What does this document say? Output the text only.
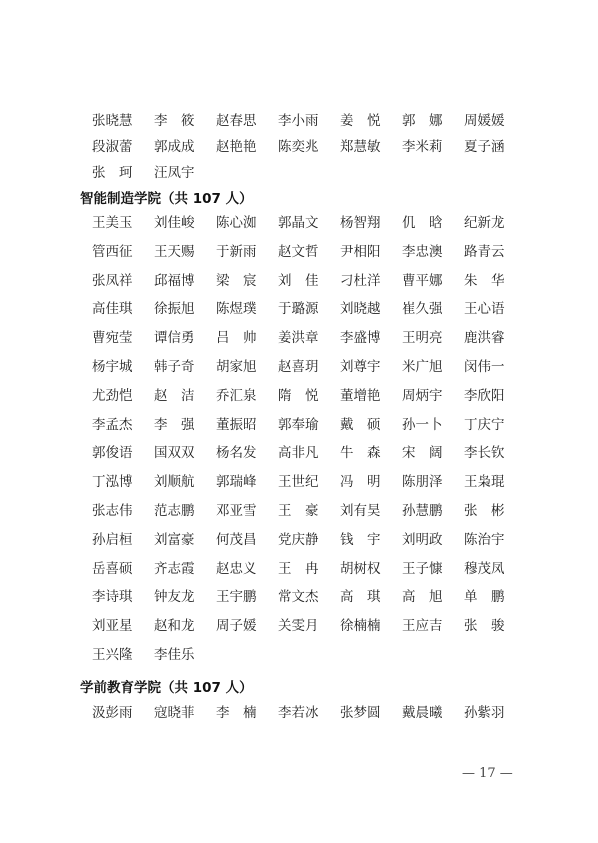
张晓慧	李　筱	赵春思	李小雨	姜　悦	郭　娜	周媛媛
段淑蕾	郭成成	赵艳艳	陈奕兆	郑慧敏	李米莉	夏子涵
张　珂	汪凤宇
智能制造学院（共 107 人）
王美玉	刘佳峻	陈心洳	郭晶文	杨智翔	仉　晗	纪新龙
管西征	王天赐	于新雨	赵文哲	尹相阳	李忠澳	路青云
张凤祥	邱福博	梁　宸	刘　佳	刁杜洋	曹平娜	朱　华
高佳琪	徐振旭	陈煜璞	于璐源	刘晓越	崔久强	王心语
曹宛莹	谭信勇	吕　帅	姜洪章	李盛博	王明亮	鹿洪睿
杨宇城	韩子奇	胡家旭	赵喜玥	刘尊宇	米广旭	闵伟一
尤劲恺	赵　洁	乔汇泉	隋　悦	董增艳	周炳宇	李欣阳
李孟杰	李　强	董振昭	郭奉瑜	戴　硕	孙一卜	丁庆宁
郭俊语	国双双	杨名发	高非凡	牛　森	宋　阔	李长钦
丁泓博	刘顺航	郭瑞峰	王世纪	冯　明	陈朋泽	王枭琨
张志伟	范志鹏	邓亚雪	王　豪	刘有昊	孙慧鹏	张　彬
孙启桓	刘富豪	何茂昌	党庆静	钱　宇	刘明政	陈治宇
岳喜硕	齐志霞	赵忠义	王　冉	胡树权	王子慷	穆茂凤
李诗琪	钟友龙	王宇鹏	常文杰	高　琪	高　旭	单　鹏
刘亚星	赵和龙	周子媛	关雯月	徐楠楠	王应吉	张　骏
王兴隆	李佳乐
学前教育学院（共 107 人）
汲彭雨	寇晓菲	李　楠	李若冰	张梦圆	戴晨曦	孙紫羽
— 17 —
